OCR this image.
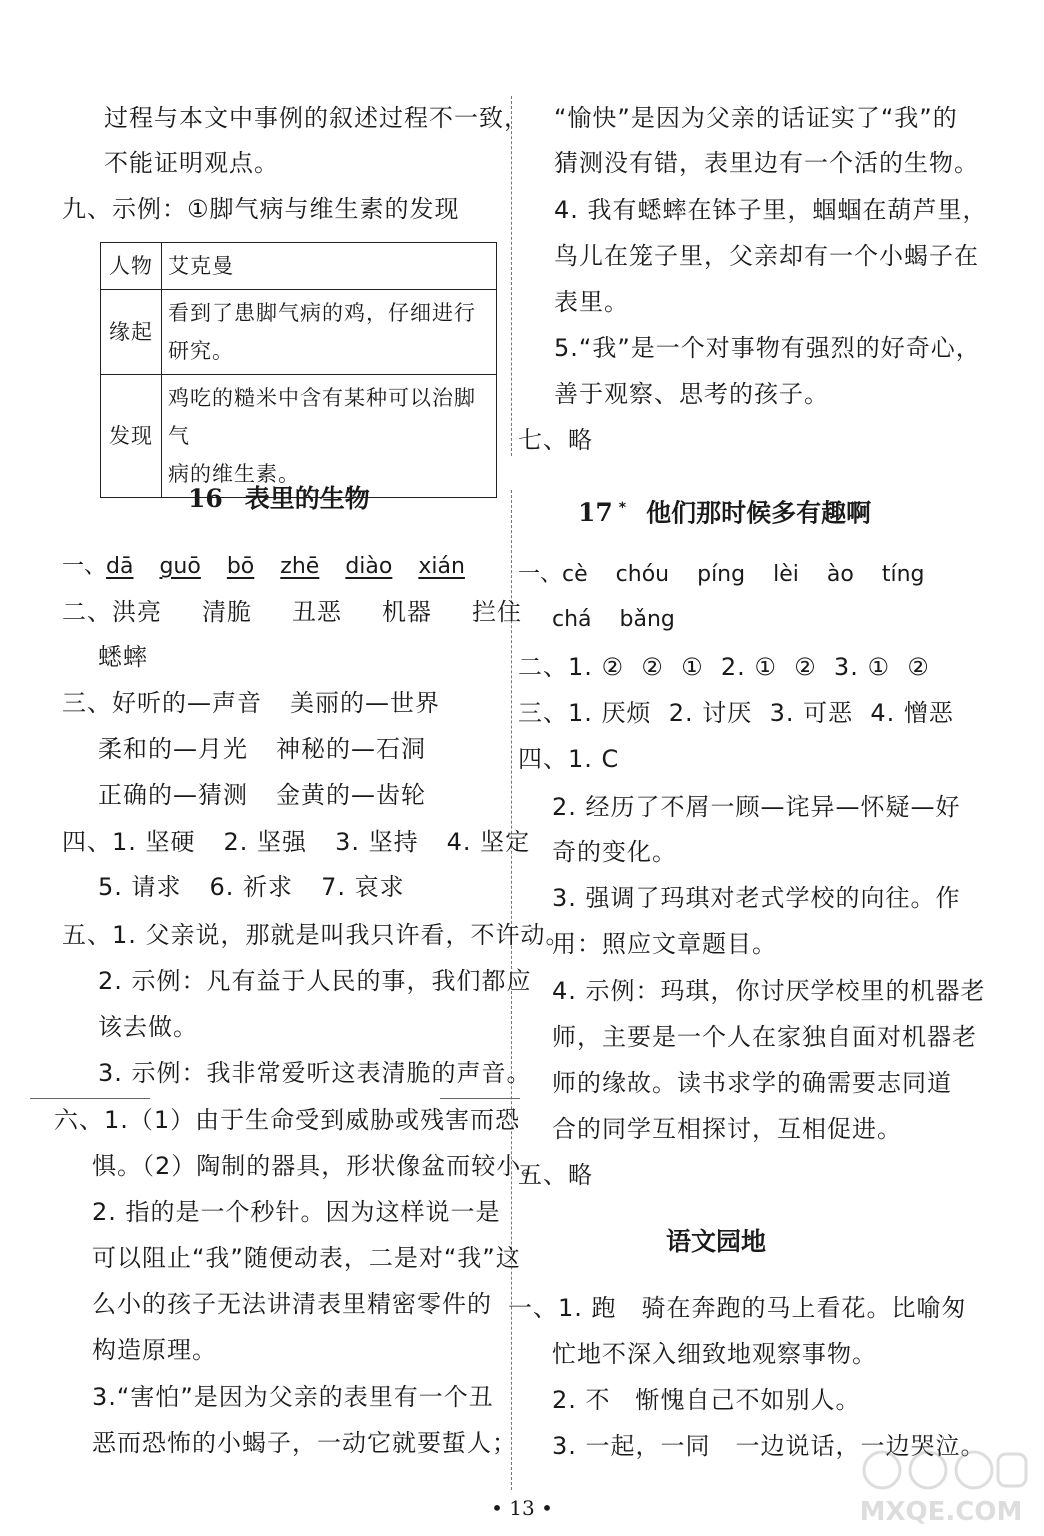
过程与本文中事例的叙述过程不一致，
不能证明观点。
九、示例：①脚气病与维生素的发现
人物	艾克曼
缘起	看到了患脚气病的鸡，仔细进行
研究。

发现	鸡吃的糙米中含有某种可以治脚气
病的维生素。
16 表里的生物
一、dā guō bō zhē diào xián
二、洪亮 清脆 丑恶 机器 拦住
蟋蟀
三、好听的—声音 美丽的—世界
柔和的—月光 神秘的—石洞
正确的—猜测 金黄的—齿轮
四、1. 坚硬 2. 坚强 3. 坚持 4. 坚定
5. 请求 6. 祈求 7. 哀求
五、1. 父亲说，那就是叫我只许看，不许动。
2. 示例：凡有益于人民的事，我们都应
该去做。
3. 示例：我非常爱听这表清脆的声音。
六、1.（1）由于生命受到威胁或残害而恐
惧。（2）陶制的器具，形状像盆而较小。
2. 指的是一个秒针。因为这样说一是
可以阻止“我”随便动表，二是对“我”这
么小的孩子无法讲清表里精密零件的
构造原理。
3.“害怕”是因为父亲的表里有一个丑
恶而恐怖的小蝎子，一动它就要蜇人；
“愉快”是因为父亲的话证实了“我”的
猜测没有错，表里边有一个活的生物。
4. 我有蟋蟀在钵子里，蝈蝈在葫芦里，
鸟儿在笼子里，父亲却有一个小蝎子在
表里。
5.“我”是一个对事物有强烈的好奇心，
善于观察、思考的孩子。
七、略
17 * 他们那时候多有趣啊
一、cè chóu píng lèi ào tíng
chá bǎng
二、1. ②  ②  ①  2. ①  ②  3. ①  ②
三、1. 厌烦  2. 讨厌  3. 可恶  4. 憎恶
四、1. C
2. 经历了不屑一顾—诧异—怀疑—好
奇的变化。
3. 强调了玛琪对老式学校的向往。作
用：照应文章题目。
4. 示例：玛琪，你讨厌学校里的机器老
师，主要是一个人在家独自面对机器老
师的缘故。读书求学的确需要志同道
合的同学互相探讨，互相促进。
五、略
语文园地
一、1. 跑　骑在奔跑的马上看花。比喻匆
忙地不深入细致地观察事物。
2. 不　惭愧自己不如别人。
3. 一起，一同　一边说话，一边哭泣。
• 13 •	MXQE.COM
